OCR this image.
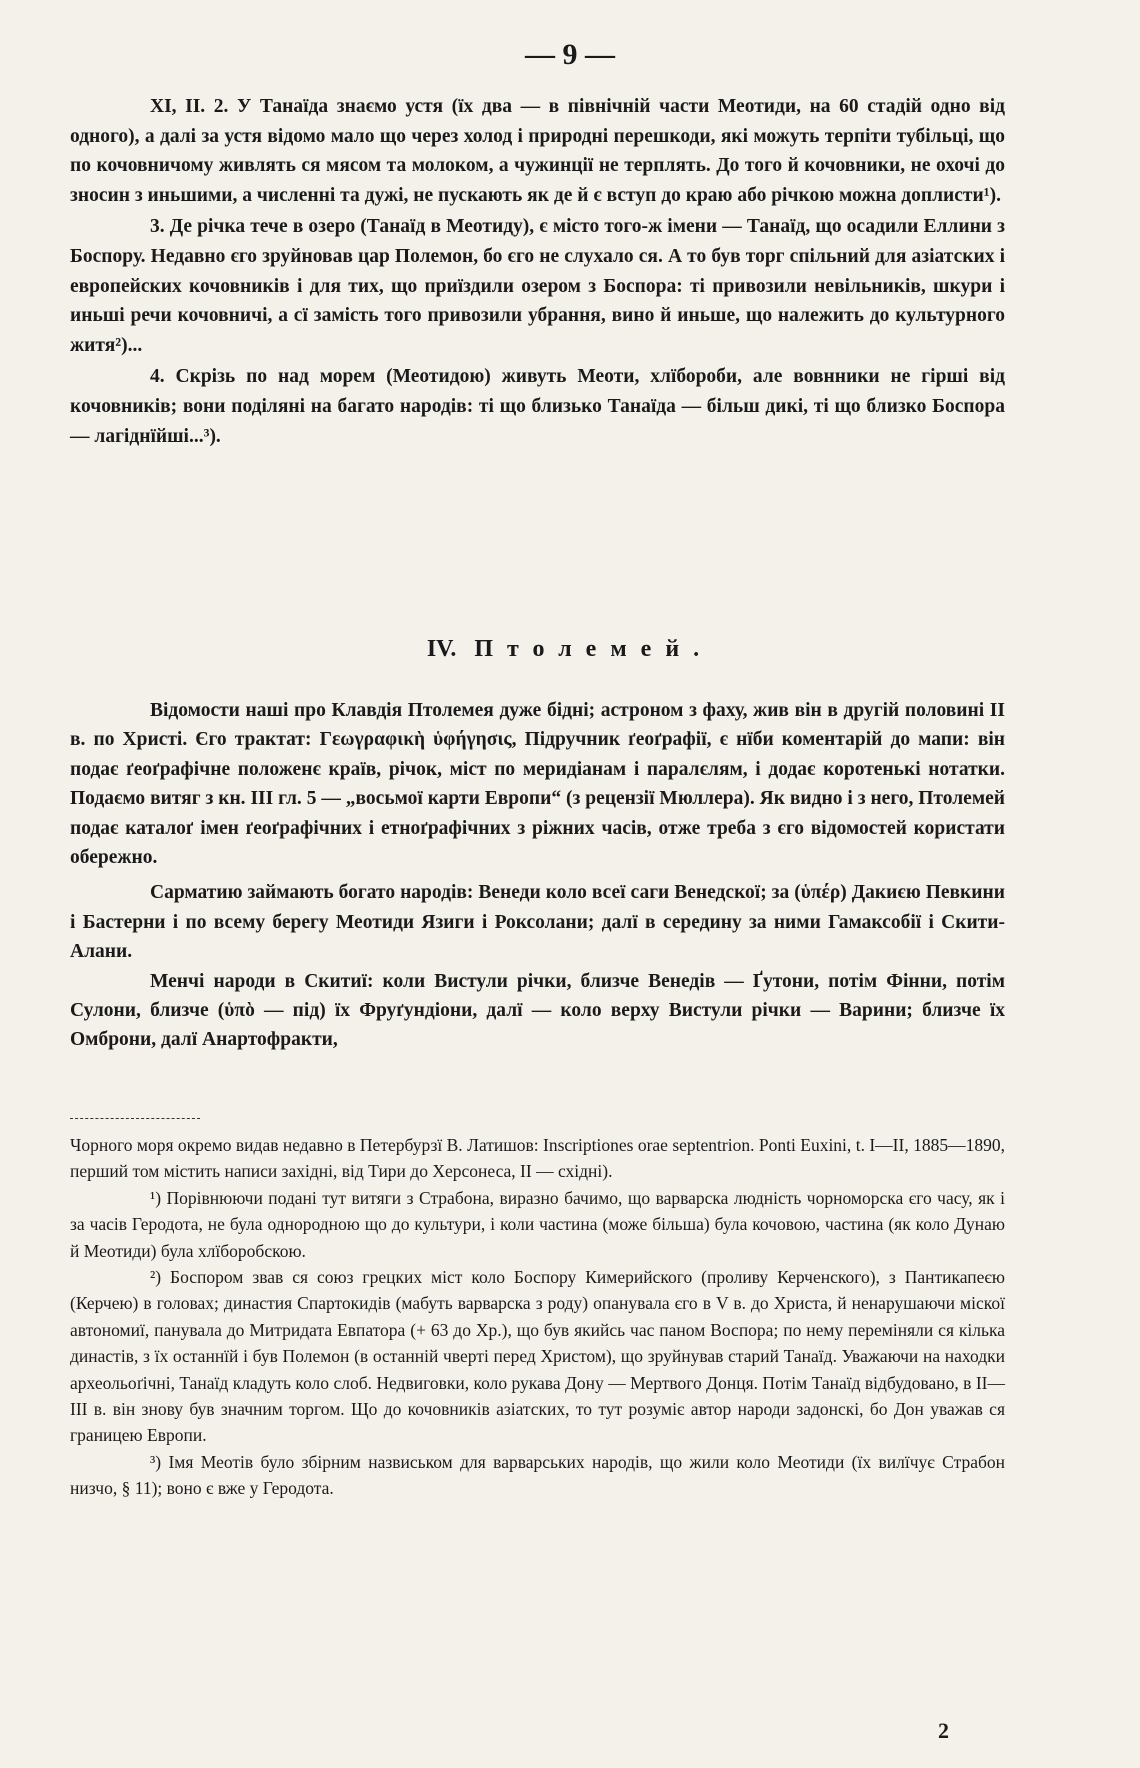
— 9 —

XI, II. 2. У Танаїда знаємо устя (їх два — в північній части Меотиди, на 60 стадій одно від одного), а далі за устя відомо мало що через холод і природні перешкоди, які можуть терпіти тубільці, що по кочовничому живлять ся мясом та молоком, а чужинції не терплять. До того й кочовники, не охочі до зносин з иньшими, а численні та дужі, не пускають як де й є вступ до краю або річкою можна доплисти¹).

3. Де річка тече в озеро (Танаїд в Меотиду), є місто того-ж імени — Танаїд, що осадили Еллини з Боспору. Недавно єго зруйновав цар Полемон, бо єго не слухало ся. А то був торг спільний для азіатских і европейских кочовників і для тих, що приїздили озером з Боспора: ті привозили невільників, шкури і иньші речи кочовничі, а сї замість того привозили убрання, вино й иньше, що належить до культурного житя²)...

4. Скрізь по над морем (Меотидою) живуть Меоти, хлїбороби, але вовнники не гірші від кочовників; вони поділяні на багато народів: ті що близько Танаїда — більш дикі, ті що близко Боспора — лагіднїйші...³).

IV. Птолемей.

Відомости наші про Клавдія Птолемея дуже бідні; астроном з фаху, жив він в другій половині II в. по Христі. Єго трактат: Γεωγραφικὴ ὑφήγησις, Підручник ґеоґрафії, є нїби коментарій до мапи: він подає ґеоґрафічне положенє країв, річок, міст по меридіанам і паралєлям, і додає коротенькі нотатки. Подаємо витяг з кн. III гл. 5 — „восьмої карти Европи“ (з рецензії Мюллера). Як видно і з него, Птолемей подає каталоґ імен ґеоґрафічних і етноґрафічних з ріжних часів, отже треба з єго відомостей користати обережно.

Сарматию займають богато народів: Венеди коло всеї саги Венедскої; за (ὑπέρ) Дакиєю Певкини і Бастерни і по всему берегу Меотиди Язиги і Роксолани; далї в середину за ними Гамаксобії і Скити-Алани.

Менчі народи в Скитиї: коли Вистули річки, близче Венедів — Ґутони, потім Фінни, потім Сулони, близче (ὑπὸ — під) їх Фруґундіони, далї — коло верху Вистули річки — Варини; близче їх Омброни, далї Анартофракти,

Чорного моря окремо видав недавно в Петербурзї В. Латишов: Inscriptiones orae septentrion. Ponti Euxini, t. I—II, 1885—1890, перший том містить написи західні, від Тири до Херсонеса, II — східні).

¹) Порівнюючи подані тут витяги з Страбона, виразно бачимо, що варварска людність чорноморска єго часу, як і за часів Геродота, не була однородною що до культури, і коли частина (може більша) була кочовою, частина (як коло Дунаю й Меотиди) була хлїборобскою.

²) Боспором звав ся союз грецких міст коло Боспору Кимерийского (проливу Керченского), з Пантикапеєю (Керчею) в головах; династия Спартокидів (мабуть варварска з роду) опанувала єго в V в. до Христа, й ненарушаючи міскої автономиї, панувала до Митридата Евпатора (+ 63 до Хр.), що був якийсь час паном Воспора; по нему переміняли ся кілька династів, з їх останнїй і був Полемон (в останній чверті перед Христом), що зруйнував старий Танаїд. Уважаючи на находки археольоґічні, Танаїд кладуть коло слоб. Недвиговки, коло рукава Дону — Мертвого Донця. Потім Танаїд відбудовано, в II—III в. він знову був значним торгом. Що до кочовників азіатских, то тут розуміє автор народи задонскі, бо Дон уважав ся границею Европи.

³) Імя Меотів було збірним назвиськом для варварських народів, що жили коло Меотиди (їх вилїчує Страбон низчо, § 11); воно є вже у Геродота.

2
